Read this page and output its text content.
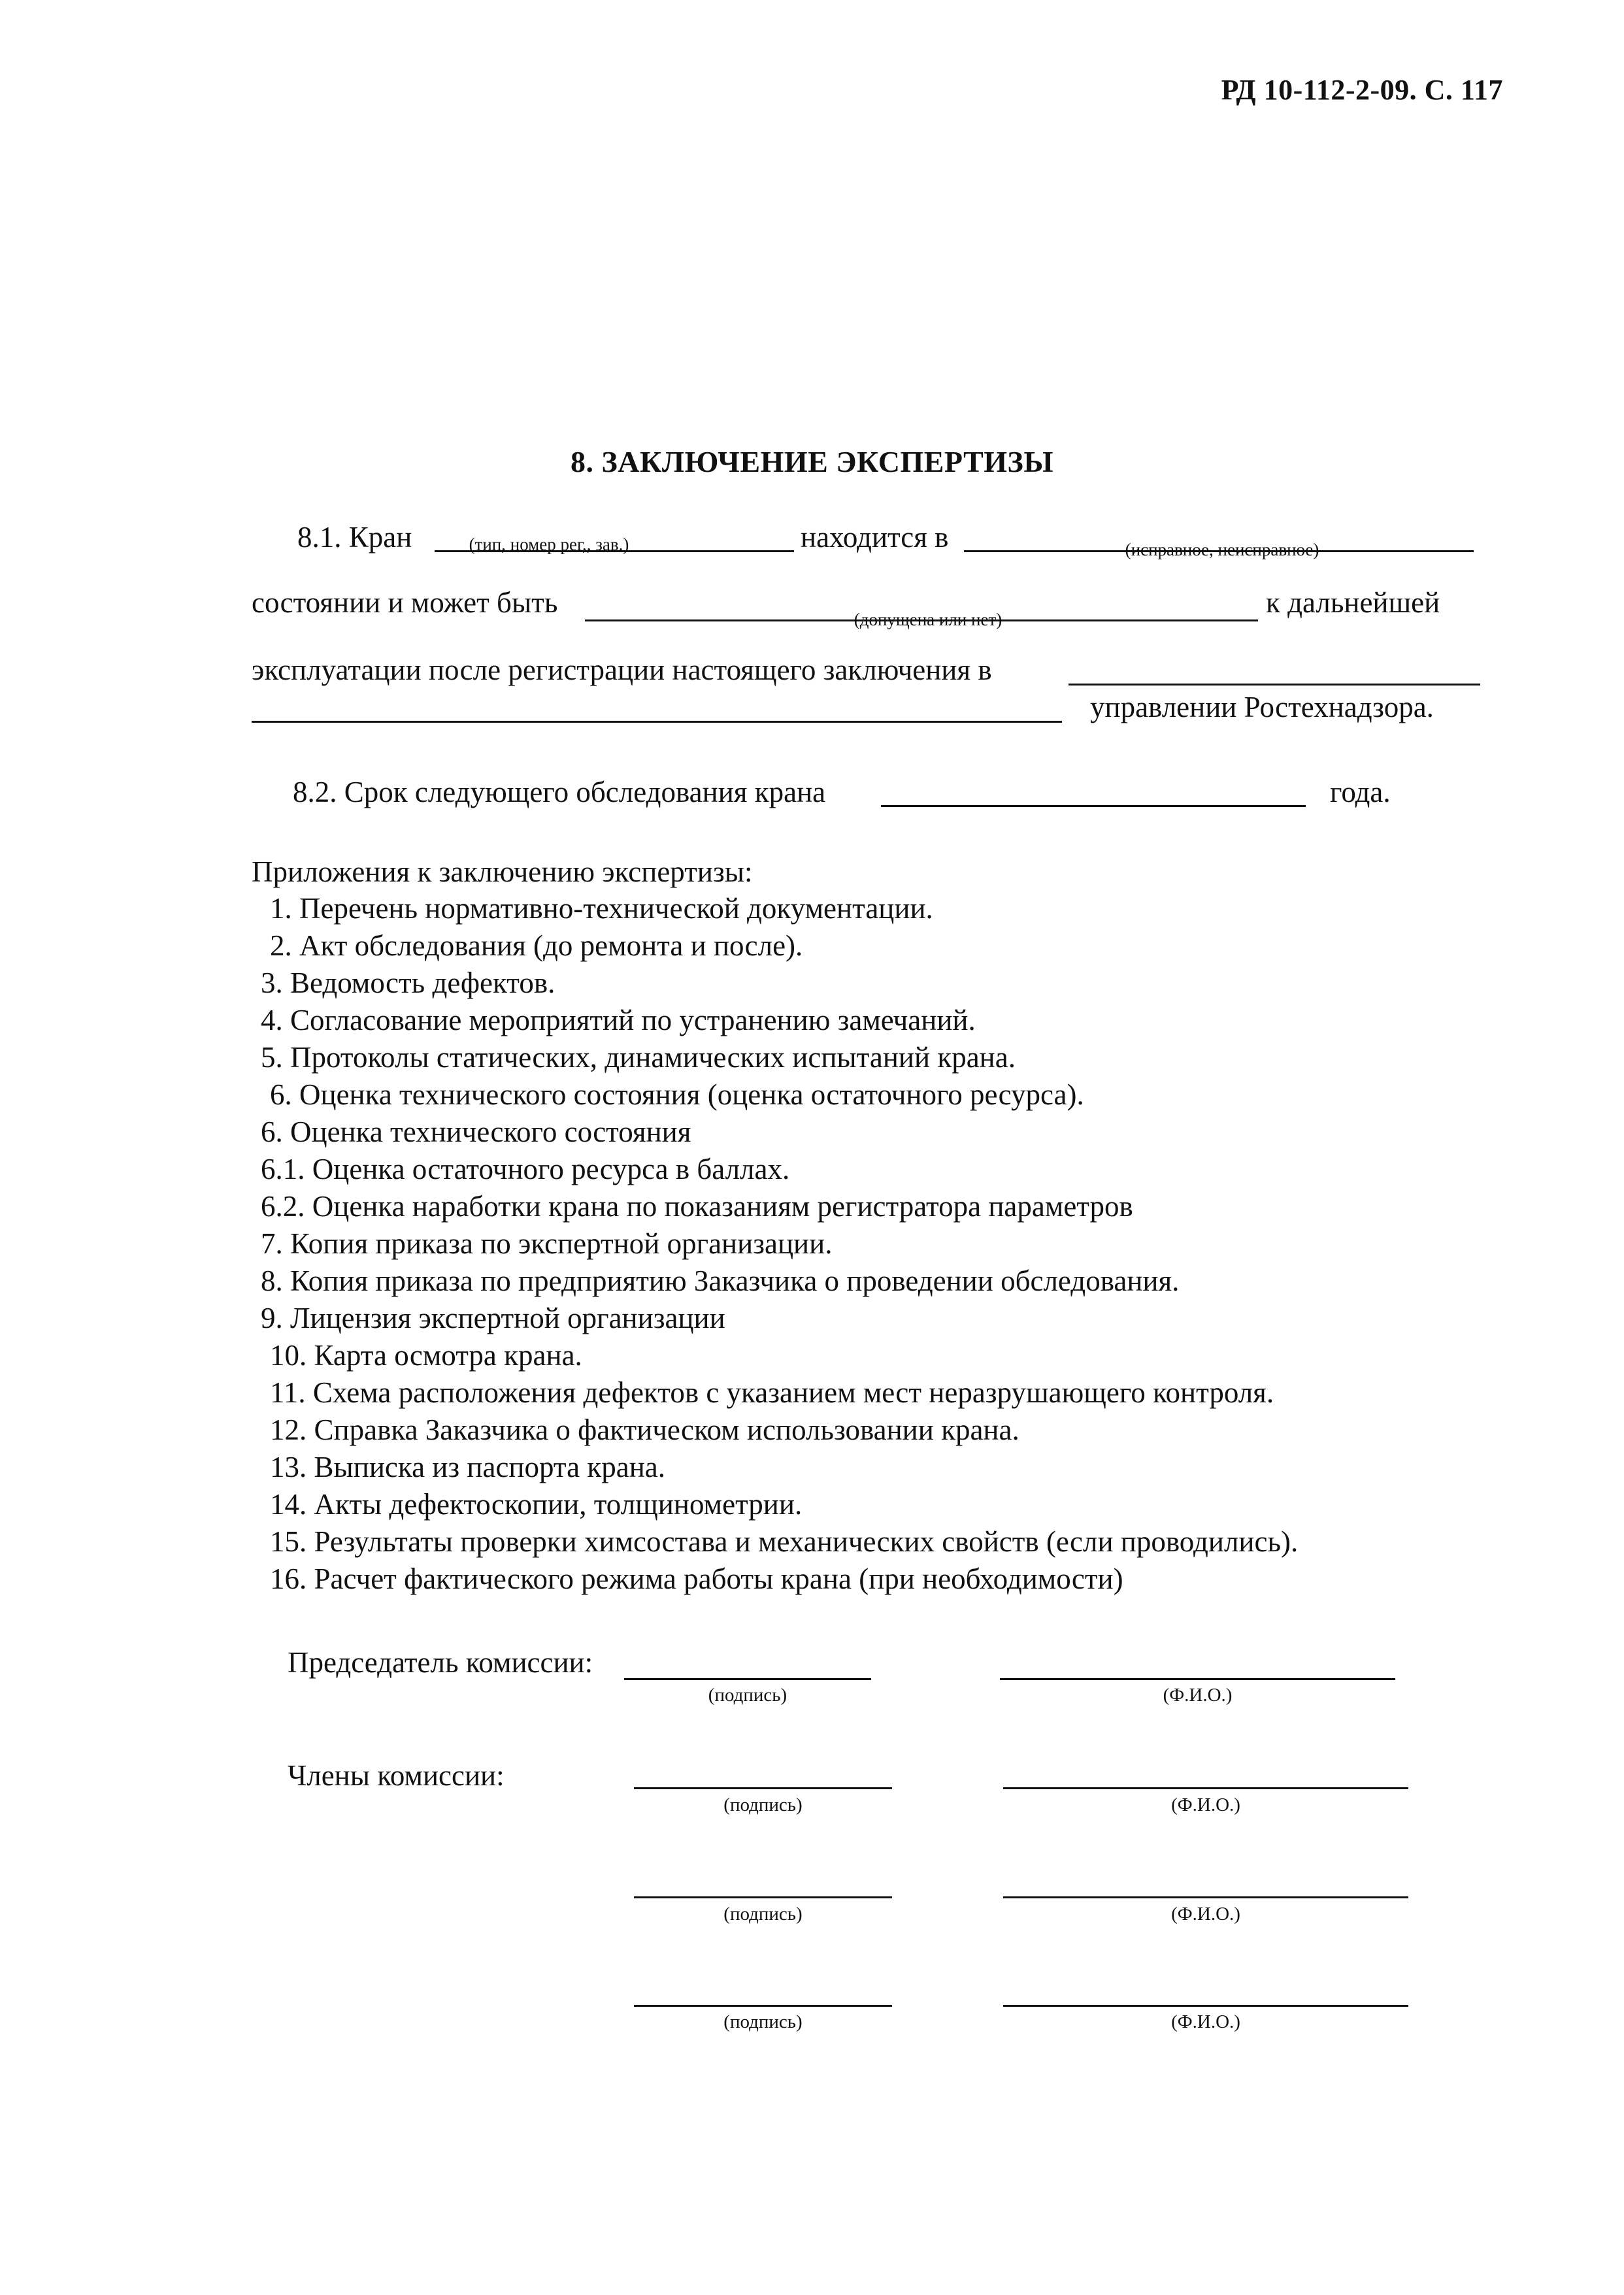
РД 10-112-2-09. С. 117
8. ЗАКЛЮЧЕНИЕ ЭКСПЕРТИЗЫ
8.1. Кран	(тип, номер рег,, зав.)	находится в	(исправное, неисправное)
состоянии и может быть
(допущена или нет)
к дальнейшей
эксплуатации после регистрации настоящего заключения в
управлении Ростехнадзора.
8.2. Срок следующего обследования крана	года.
Приложения к заключению экспертизы:
1. Перечень нормативно-технической документации.
2. Акт обследования (до ремонта и после).
3. Ведомость дефектов.
4. Согласование мероприятий по устранению замечаний.
5. Протоколы статических, динамических испытаний крана.
6. Оценка технического состояния (оценка остаточного ресурса).
6. Оценка технического состояния
6.1. Оценка остаточного ресурса в баллах.
6.2. Оценка наработки крана по показаниям регистратора параметров
7. Копия приказа по экспертной организации.
8. Копия приказа по предприятию Заказчика о проведении обследования.
9. Лицензия экспертной организации
10. Карта осмотра крана.
11. Схема расположения дефектов с указанием мест неразрушающего контроля.
12. Справка Заказчика о фактическом использовании крана.
13. Выписка из паспорта крана.
14. Акты дефектоскопии, толщинометрии.
15. Результаты проверки химсостава и механических свойств (если проводились).
16. Расчет фактического режима работы крана (при необходимости)
Председатель комиссии:
(подпись)	(Ф.И.О.)
Члены комиссии:
(подпись)	(Ф.И.О.)
(подпись)	(Ф.И.О.)
(подпись)	(Ф.И.О.)
